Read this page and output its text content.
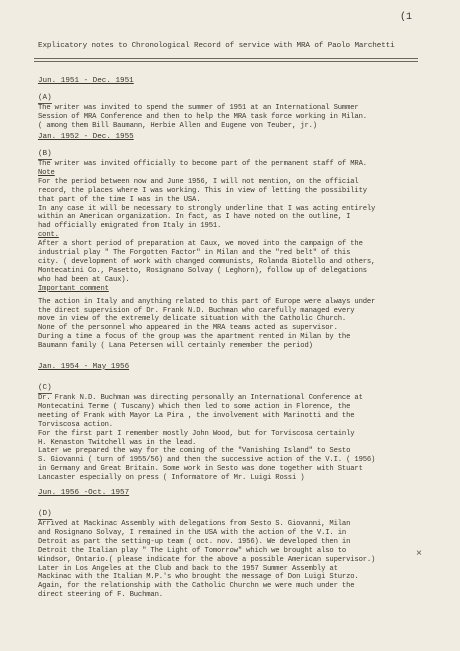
(1
Explicatory notes to Chronological Record of service with MRA of Paolo Marchetti
Jun. 1951 - Dec. 1951
(A)
The writer was invited to spend the summer of 1951 at an International Summer
Session of MRA Conference and then to help the MRA task force working in Milan.
( among them Bill Baumann, Herbie Allen and Eugene von Teuber, jr.)
Jan. 1952 - Dec. 1955
(B)
The writer was invited officially to become part of the permanent staff of MRA.
Note
For the period between now and June 1956, I will not mention, on the official
record, the places where I was working. This in view of letting the possibility
that part of the time I was in the USA.
In any case it will be necessary to strongly underline that I was acting entirely
within an American organization. In fact, as I have noted on the outline, I
had officially emigrated from Italy in 1951.
cont.
After a short period of preparation at Caux, we moved into the campaign of the
industrial play " The Forgotten Factor" in Milan and the "red belt" of this
city. ( development of work with changed communists, Rolanda Biotello and others,
Montecatini Co., Pasetto, Rosignano Solvay ( Leghorn), follow up of delegations
who had been at Caux).
Important comment
The action in Italy and anything related to this part of Europe were always under
the direct supervision of Dr. Frank N.D. Buchman who carefully managed every
move in view of the extremely delicate situation with the Catholic Church.
None of the personnel who appeared in the MRA teams acted as supervisor.
During a time a focus of the group was the apartment rented in Milan by the
Baumann family ( Lana Petersen will certainly remember the period)
Jan. 1954 - May 1956
(C)
Dr. Frank N.D. Buchman was directing personally an International Conference at
Montecatini Terme ( Tuscany) which then led to some action in Florence, the
meeting of Frank with Mayor La Pira , the involvement with Marinotti and the
Torviscosa action.
For the first part I remember mostly John Wood, but for Torviscosa certainly
H. Kenaston Twitchell was in the lead.
Later we prepared the way for the coming of the "Vanishing Island" to Sesto
S. Giovanni ( turn of 1955/56) and then the successive action of the V.I. ( 1956)
in Germany and Great Britain. Some work in Sesto was done together with Stuart
Lancaster especially on press ( Informatore of Mr. Luigi Rossi )
Jun. 1956 -Oct. 1957
(D)
Arrived at Mackinac Assembly with delegations from Sesto S. Giovanni, Milan
and Rosignano Solvay, I remained in the USA with the action of the V.I. in
Detroit as part the setting-up team ( oct. nov. 1956). We developed then in
Detroit the Italian play " The Light of Tomorrow" which we brought also to
Windsor, Ontario.( please indicate for the above a possible American supervisor.)
Later in Los Angeles at the Club and back to the 1957 Summer Assembly at
Mackinac with the Italian M.P.'s who brought the message of Don Luigi Sturzo.
Again, for the relationship with the Catholic Churchn we were much under the
direct steering of F. Buchman.
×
